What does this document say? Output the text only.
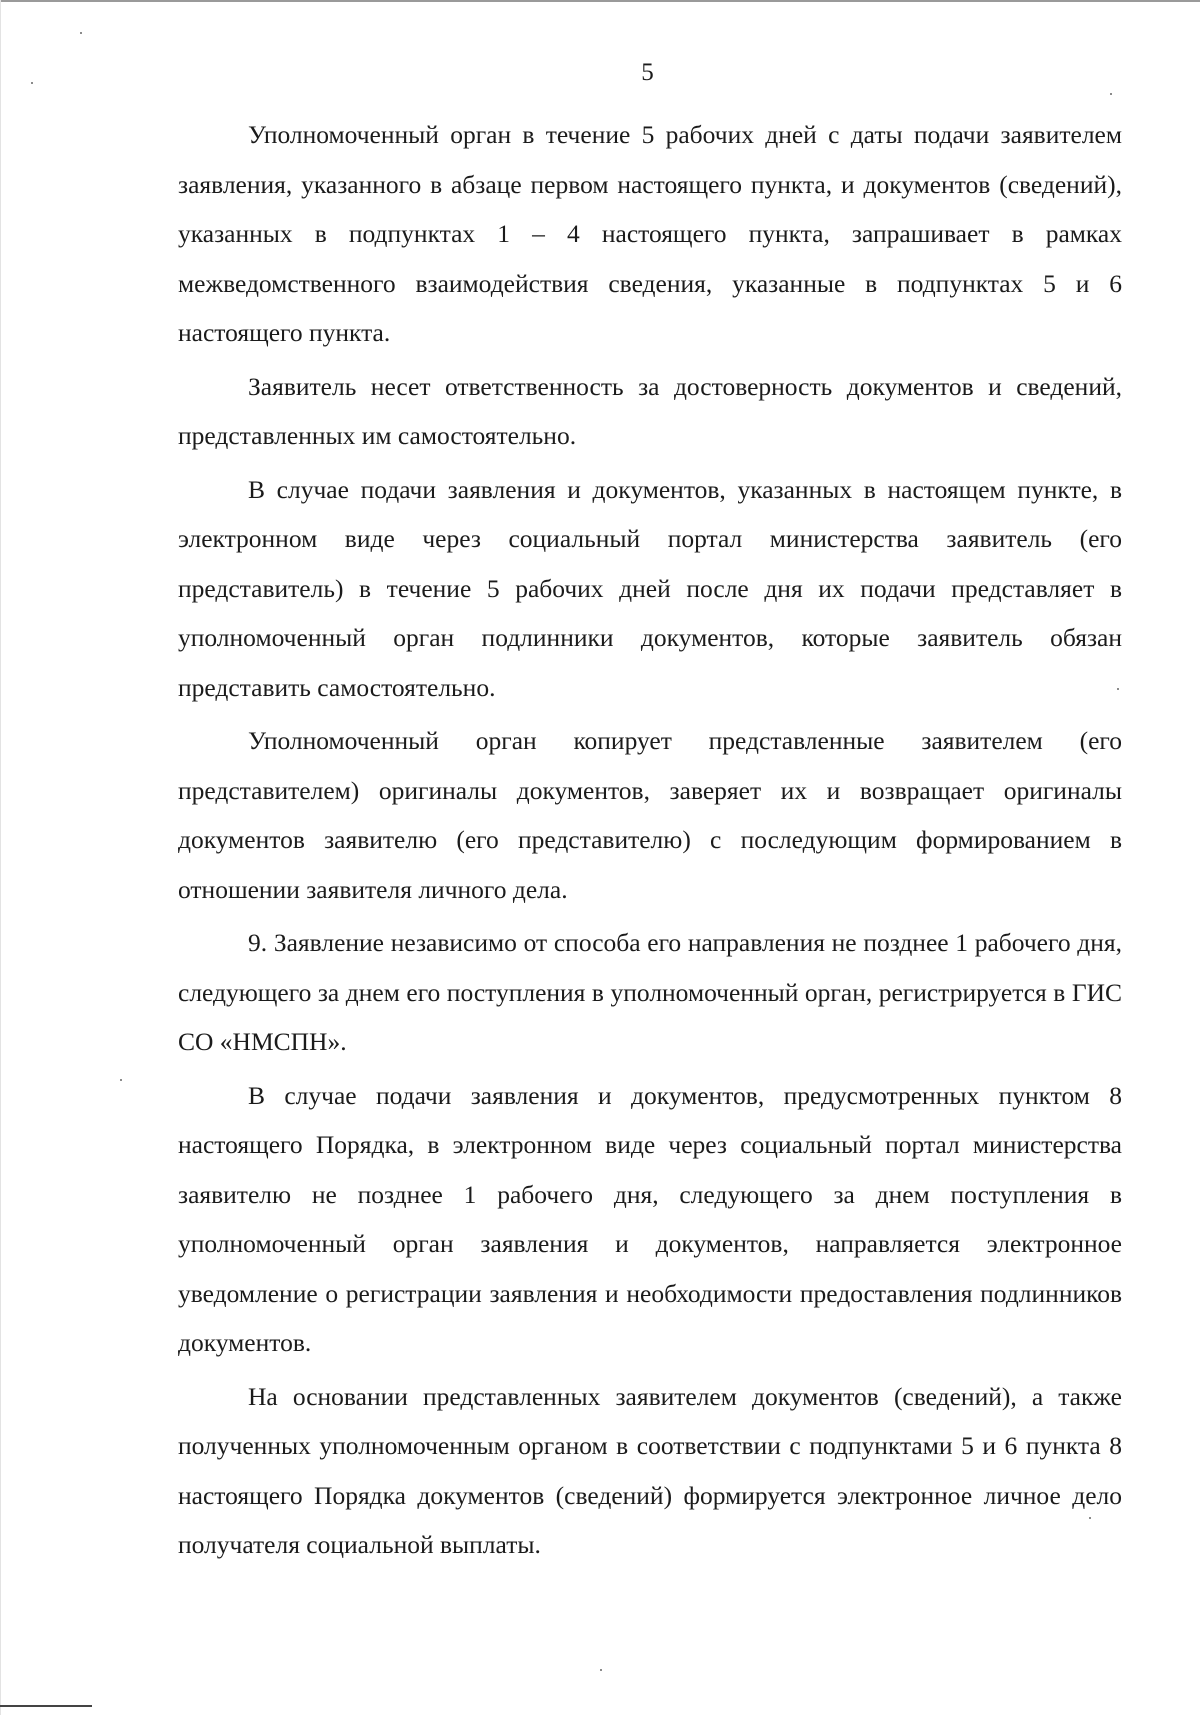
5

Уполномоченный орган в течение 5 рабочих дней с даты подачи заявителем заявления, указанного в абзаце первом настоящего пункта, и документов (сведений), указанных в подпунктах 1 – 4 настоящего пункта, запрашивает в рамках межведомственного взаимодействия сведения, указанные в подпунктах 5 и 6 настоящего пункта.

Заявитель несет ответственность за достоверность документов и сведений, представленных им самостоятельно.

В случае подачи заявления и документов, указанных в настоящем пункте, в электронном виде через социальный портал министерства заявитель (его представитель) в течение 5 рабочих дней после дня их подачи представляет в уполномоченный орган подлинники документов, которые заявитель обязан представить самостоятельно.

Уполномоченный орган копирует представленные заявителем (его представителем) оригиналы документов, заверяет их и возвращает оригиналы документов заявителю (его представителю) с последующим формированием в отношении заявителя личного дела.

9. Заявление независимо от способа его направления не позднее 1 рабочего дня, следующего за днем его поступления в уполномоченный орган, регистрируется в ГИС СО «НМСПН».

В случае подачи заявления и документов, предусмотренных пунктом 8 настоящего Порядка, в электронном виде через социальный портал министерства заявителю не позднее 1 рабочего дня, следующего за днем поступления в уполномоченный орган заявления и документов, направляется электронное уведомление о регистрации заявления и необходимости предоставления подлинников документов.

На основании представленных заявителем документов (сведений), а также полученных уполномоченным органом в соответствии с подпунктами 5 и 6 пункта 8 настоящего Порядка документов (сведений) формируется электронное личное дело получателя социальной выплаты.
